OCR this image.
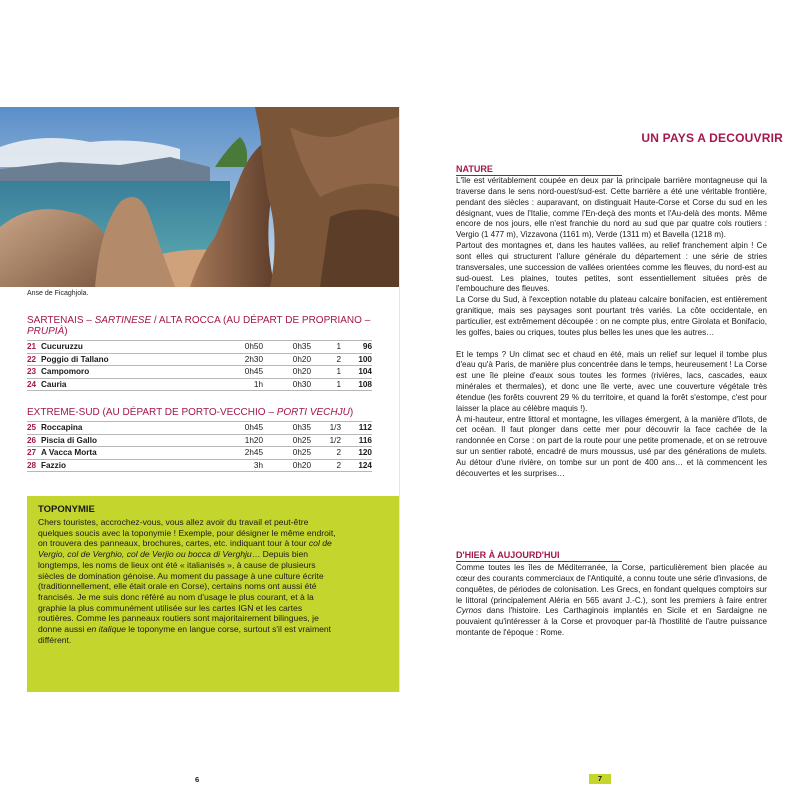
Anse de Ficaghjola.
SARTENAIS – SARTINESE / ALTA ROCCA (AU DÉPART DE PROPRIANO – PRUPIÀ)
21	Cucuruzzu	0h50	0h35	1	96
22	Poggio di Tallano	2h30	0h20	2	100
23	Campomoro	0h45	0h20	1	104
24	Cauria	1h	0h30	1	108
EXTREME-SUD (AU DÉPART DE PORTO-VECCHIO – PORTI VECHJU)
25	Roccapina	0h45	0h35	1/3	112
26	Piscia di Gallo	1h20	0h25	1/2	116
27	A Vacca Morta	2h45	0h25	2	120
28	Fazzio	3h	0h20	2	124
TOPONYMIE
Chers touristes, accrochez-vous, vous allez avoir du travail et peut-être quelques soucis avec la toponymie ! Exemple, pour désigner le même endroit, on trouvera des panneaux, brochures, cartes, etc. indiquant tour à tour col de Vergio, col de Verghio, col de Verjio ou bocca di Verghju… Depuis bien longtemps, les noms de lieux ont été « italianisés », à cause de plusieurs siècles de domination génoise. Au moment du passage à une culture écrite (traditionnellement, elle était orale en Corse), certains noms ont aussi été francisés. Je me suis donc référé au nom d'usage le plus courant, et à la graphie la plus communément utilisée sur les cartes IGN et les cartes routières. Comme les panneaux routiers sont majoritairement bilingues, je donne aussi en italique le toponyme en langue corse, surtout s'il est vraiment différent.
6
UN PAYS A DECOUVRIR
NATURE

L'île est véritablement coupée en deux par la principale barrière montagneuse qui la traverse dans le sens nord-ouest/sud-est. Cette barrière a été une véritable frontière, pendant des siècles : auparavant, on distinguait Haute-Corse et Corse du sud en les désignant, vues de l'Italie, comme l'En-deçà des monts et l'Au-delà des monts. Même encore de nos jours, elle n'est franchie du nord au sud que par quatre cols routiers : Vergio (1 477 m), Vizzavona (1161 m), Verde (1311 m) et Bavella (1218 m).

Partout des montagnes et, dans les hautes vallées, au relief franchement alpin ! Ce sont elles qui structurent l'allure générale du département : une série de stries transversales, une succession de vallées orientées comme les fleuves, du nord-est au sud-ouest. Les plaines, toutes petites, sont essentiellement situées près de l'embouchure des fleuves.

La Corse du Sud, à l'exception notable du plateau calcaire bonifacien, est entièrement granitique, mais ses paysages sont pourtant très variés. La côte occidentale, en particulier, est extrêmement découpée : on ne compte plus, entre Girolata et Bonifacio, les golfes, baies ou criques, toutes plus belles les unes que les autres…

Et le temps ? Un climat sec et chaud en été, mais un relief sur lequel il tombe plus d'eau qu'à Paris, de manière plus concentrée dans le temps, heureusement ! La Corse est une île pleine d'eaux sous toutes les formes (rivières, lacs, cascades, eaux minérales et thermales), et donc une île verte, avec une couverture végétale très étendue (les forêts couvrent 29 % du territoire, et quand la forêt s'estompe, c'est pour laisser la place au célèbre maquis !).

À mi-hauteur, entre littoral et montagne, les villages émergent, à la manière d'îlots, de cet océan. Il faut plonger dans cette mer pour découvrir la face cachée de la randonnée en Corse : on part de la route pour une petite promenade, et on se retrouve sur un sentier raboté, encadré de murs moussus, usé par des générations de mulets. Au détour d'une rivière, on tombe sur un pont de 400 ans… et là commencent les découvertes et les surprises…

D'HIER À AUJOURD'HUI

Comme toutes les îles de Méditerranée, la Corse, particulièrement bien placée au cœur des courants commerciaux de l'Antiquité, a connu toute une série d'invasions, de conquêtes, de périodes de colonisation. Les Grecs, en fondant quelques comptoirs sur le littoral (principalement Aléria en 565 avant J.-C.), sont les premiers à faire entrer Cyrnos dans l'histoire. Les Carthaginois implantés en Sicile et en Sardaigne ne pouvaient qu'intéresser à la Corse et provoquer par-là l'hostilité de l'autre puissance montante de l'époque : Rome.

7
